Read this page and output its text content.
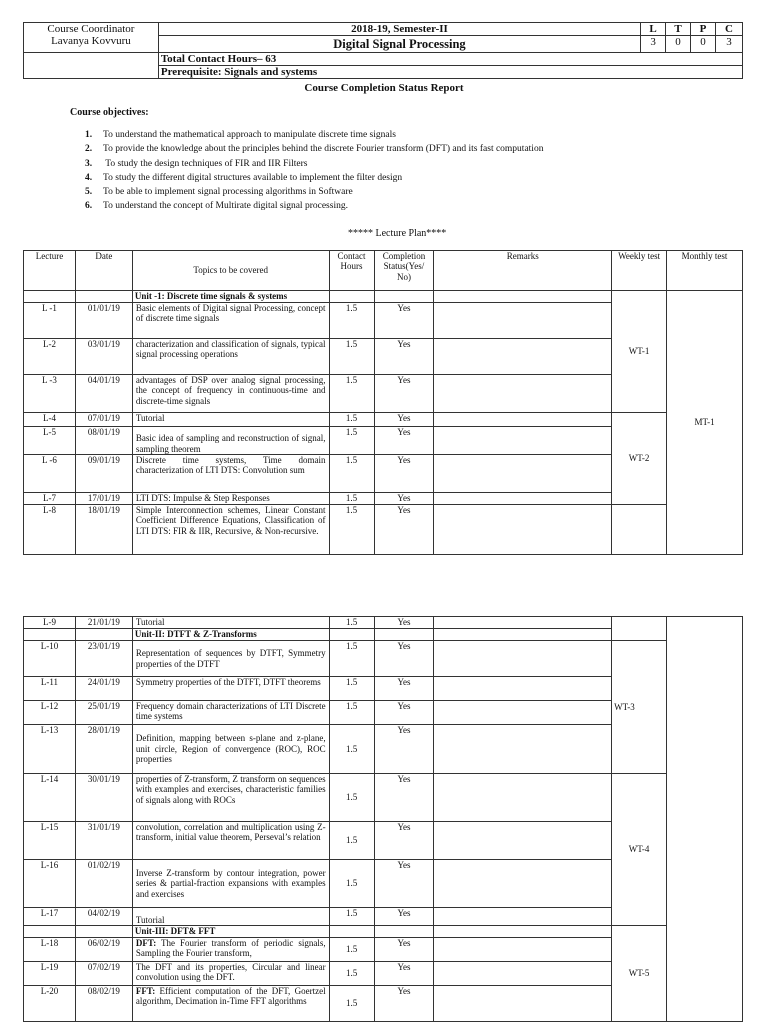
Course Coordinator
Lavanya Kovvuru	2018-19, Semester-II	L	T	P	C
	Digital Signal Processing	3	0	0	3
	Total Contact Hours– 63				
	Prerequisite: Signals and systems				
Course Completion Status Report
Course objectives:
1. To understand the mathematical approach to manipulate discrete time signals
2. To provide the knowledge about the principles behind the discrete Fourier transform (DFT) and its fast computation
3. To study the design techniques of FIR and IIR Filters
4. To study the different digital structures available to implement the filter design
5. To be able to implement signal processing algorithms in Software
6. To understand the concept of Multirate digital signal processing.
***** Lecture Plan****
Lecture	Date	Topics to be covered	Contact Hours	Completion Status(Yes/ No)	Remarks	Weekly test	Monthly test
		Unit -1: Discrete time signals & systems				WT-1	MT-1
L -1	01/01/19	Basic elements of Digital signal Processing, concept of discrete time signals	1.5	Yes			
L-2	03/01/19	characterization and classification of signals, typical signal processing operations	1.5	Yes			
L -3	04/01/19	advantages of DSP over analog signal processing, the concept of frequency in continuous-time and discrete-time signals	1.5	Yes			
L-4	07/01/19	Tutorial	1.5	Yes		WT-2	
L-5	08/01/19	Basic idea of sampling and reconstruction of signal, sampling theorem	1.5	Yes			
L -6	09/01/19	Discrete time systems, Time domain characterization of LTI DTS: Convolution sum	1.5	Yes			
L-7	17/01/19	LTI DTS: Impulse & Step Responses	1.5	Yes			
L-8	18/01/19	Simple Interconnection schemes, Linear Constant Coefficient Difference Equations, Classification of LTI DTS: FIR & IIR, Recursive, & Non-recursive.	1.5	Yes			
L-9	21/01/19	Tutorial	1.5	Yes			
		Unit-II: DTFT & Z-Transforms					
L-10	23/01/19	Representation of sequences by DTFT, Symmetry properties of the DTFT	1.5	Yes		WT-3	
L-11	24/01/19	Symmetry properties of the DTFT, DTFT theorems	1.5	Yes			
L-12	25/01/19	Frequency domain characterizations of LTI Discrete time systems	1.5	Yes			
L-13	28/01/19	Definition, mapping between s-plane and z-plane, unit circle, Region of convergence (ROC), ROC properties	1.5	Yes			
L-14	30/01/19	properties of Z-transform, Z transform on sequences with examples and exercises, characteristic families of signals along with ROCs	1.5	Yes		WT-4	
L-15	31/01/19	convolution, correlation and multiplication using Z-transform, initial value theorem, Perseval’s relation	1.5	Yes			
L-16	01/02/19	Inverse Z-transform by contour integration, power series & partial-fraction expansions with examples and exercises	1.5	Yes			
L-17	04/02/19	Tutorial	1.5	Yes			
		Unit-III: DFT& FFT				WT-5	
L-18	06/02/19	DFT: The Fourier transform of periodic signals, Sampling the Fourier transform,	1.5	Yes			
L-19	07/02/19	The DFT and its properties, Circular and linear convolution using the DFT.	1.5	Yes			
L-20	08/02/19	FFT: Efficient computation of the DFT, Goertzel algorithm, Decimation in-Time FFT algorithms	1.5	Yes			
